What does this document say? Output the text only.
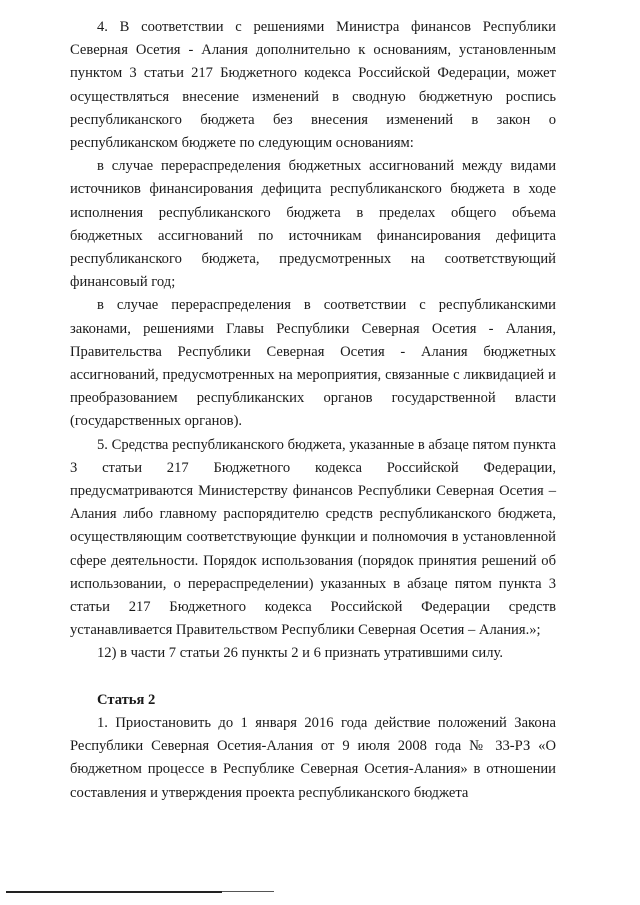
4. В соответствии с решениями Министра финансов Республики Северная Осетия - Алания дополнительно к основаниям, установленным пунктом 3 статьи 217 Бюджетного кодекса Российской Федерации, может осуществляться внесение изменений в сводную бюджетную роспись республиканского бюджета без внесения изменений в закон о республиканском бюджете по следующим основаниям:

в случае перераспределения бюджетных ассигнований между видами источников финансирования дефицита республиканского бюджета в ходе исполнения республиканского бюджета в пределах общего объема бюджетных ассигнований по источникам финансирования дефицита республиканского бюджета, предусмотренных на соответствующий финансовый год;

в случае перераспределения в соответствии с республиканскими законами, решениями Главы Республики Северная Осетия - Алания, Правительства Республики Северная Осетия - Алания бюджетных ассигнований, предусмотренных на мероприятия, связанные с ликвидацией и преобразованием республиканских органов государственной власти (государственных органов).

5. Средства республиканского бюджета, указанные в абзаце пятом пункта 3 статьи 217 Бюджетного кодекса Российской Федерации, предусматриваются Министерству финансов Республики Северная Осетия – Алания либо главному распорядителю средств республиканского бюджета, осуществляющим соответствующие функции и полномочия в установленной сфере деятельности. Порядок использования (порядок принятия решений об использовании, о перераспределении) указанных в абзаце пятом пункта 3 статьи 217 Бюджетного кодекса Российской Федерации средств устанавливается Правительством Республики Северная Осетия – Алания.»;

12) в части 7 статьи 26 пункты 2 и 6 признать утратившими силу.

Статья 2

1. Приостановить до 1 января 2016 года действие положений Закона Республики Северная Осетия-Алания от 9 июля 2008 года № 33-РЗ «О бюджетном процессе в Республике Северная Осетия-Алания» в отношении составления и утверждения проекта республиканского бюджета
